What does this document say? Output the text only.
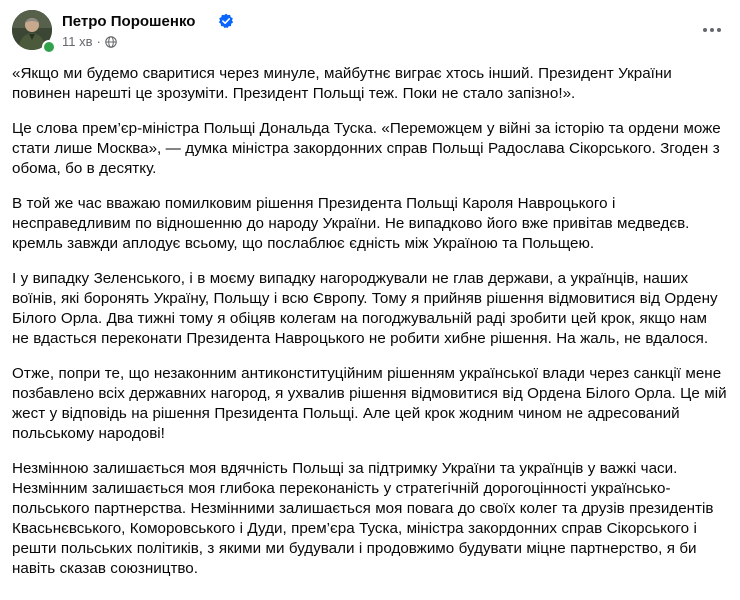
Петро Порошенко
11 хв ·

«Якщо ми будемо сваритися через минуле, майбутнє виграє хтось інший. Президент України повинен нарешті це зрозуміти. Президент Польщі теж. Поки не стало запізно!».

Це слова прем’єр-міністра Польщі Дональда Туска. «Переможцем у війні за історію та ордени може стати лише Москва», — думка міністра закордонних справ Польщі Радослава Сікорського. Згоден з обома, бо в десятку.

В той же час вважаю помилковим рішення Президента Польщі Кароля Навроцького і несправедливим по відношенню до народу України. Не випадково його вже привітав медведєв. кремль завжди аплодує всьому, що послаблює єдність між Україною та Польщею.

І у випадку Зеленського, і в моєму випадку нагороджували не глав держави, а українців, наших воїнів, які боронять Україну, Польщу і всю Європу. Тому я прийняв рішення відмовитися від Ордену Білого Орла. Два тижні тому я обіцяв колегам на погоджувальній раді зробити цей крок, якщо нам не вдасться переконати Президента Навроцького не робити хибне рішення. На жаль, не вдалося.

Отже, попри те, що незаконним антиконституційним рішенням української влади через санкції мене позбавлено всіх державних нагород, я ухвалив рішення відмовитися від Ордена Білого Орла. Це мій жест у відповідь на рішення Президента Польщі. Але цей крок жодним чином не адресований польському народові!

Незмінною залишається моя вдячність Польщі за підтримку України та українців у важкі часи. Незмінним залишається моя глибока переконаність у стратегічній дорогоцінності українсько-польського партнерства. Незмінними залишається моя повага до своїх колег та друзів президентів Квасьнєвського, Коморовського і Дуди, прем’єра Туска, міністра закордонних справ Сікорського і решти польських політиків, з якими ми будували і продовжимо будувати міцне партнерство, я би навіть сказав союзництво.
